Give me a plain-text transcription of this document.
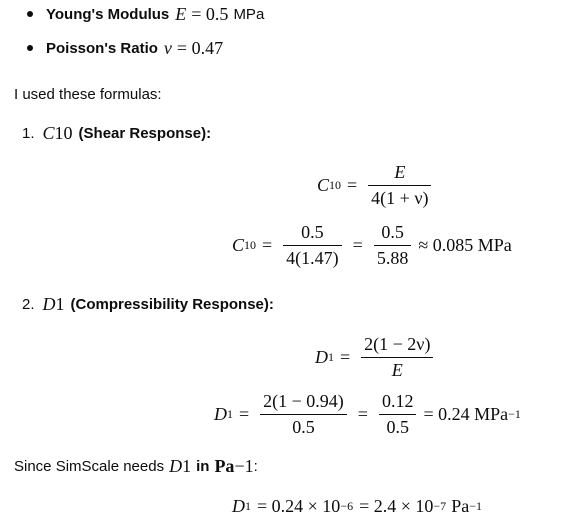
Young's Modulus E = 0.5 MPa
Poisson's Ratio ν = 0.47
I used these formulas:
1. C 10 (Shear Response):
C $10 = \frac{E}{4(1 + \nu)}$
C $10 = \frac{0.5}{4(1.47)} = \frac{0.5}{5.88} \approx 0.085$ MPa
2. D 1 (Compressibility Response):
D $1 = \frac{2(1 - 2\nu)}{E}$
D $1 = \frac{2(1 - 0.94)}{0.5} = \frac{0.12}{0.5} = 0.24$ MPa −1
Since SimScale needs D 1 in Pa −1 :
D 1 = 0.24 × 10 −6 = 2.4 × 10 −7 Pa −1
